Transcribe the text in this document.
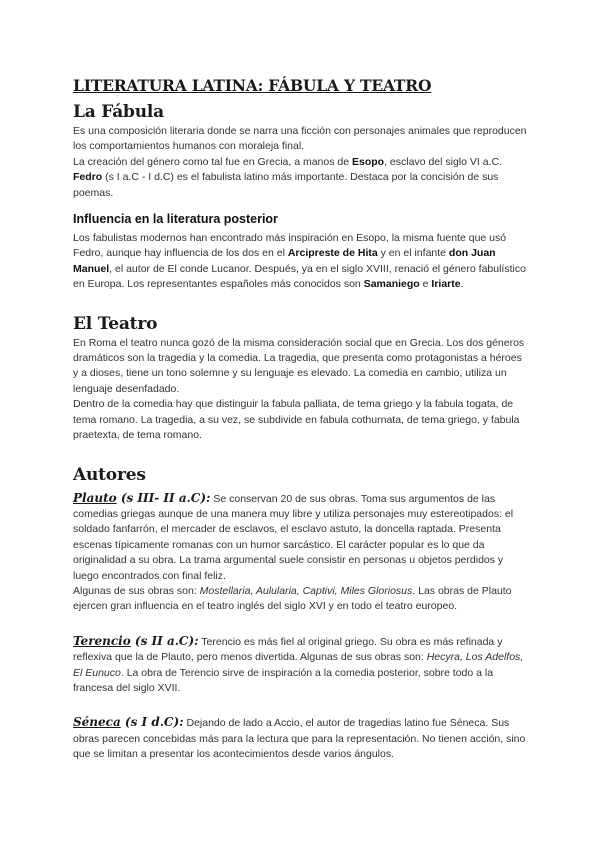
LITERATURA LATINA: FÁBULA Y TEATRO
La Fábula

Es una composición literaria donde se narra una ficción con personajes animales que reproducen los comportamientos humanos con moraleja final.

La creación del género como tal fue en Grecia, a manos de Esopo, esclavo del siglo VI a.C. Fedro (s I a.C - I d.C) es el fabulista latino más importante. Destaca por la concisión de sus poemas.

Influencia en la literatura posterior

Los fabulistas modernos han encontrado más inspiración en Esopo, la misma fuente que usó Fedro, aunque hay influencia de los dos en el Arcipreste de Hita y en el infante don Juan Manuel, el autor de El conde Lucanor. Después, ya en el siglo XVIII, renació el género fabulístico en Europa. Los representantes españoles más conocidos son Samaniego e Iriarte.

El Teatro

En Roma el teatro nunca gozó de la misma consideración social que en Grecia. Los dos géneros dramáticos son la tragedia y la comedia. La tragedia, que presenta como protagonistas a héroes y a dioses, tiene un tono solemne y su lenguaje es elevado. La comedia en cambio, utiliza un lenguaje desenfadado.

Dentro de la comedia hay que distinguir la fabula palliata, de tema griego y la fabula togata, de tema romano. La tragedia, a su vez, se subdivide en fabula cothurnata, de tema griego, y fabula praetexta, de tema romano.

Autores

Plauto (s III- II a.C): Se conservan 20 de sus obras. Toma sus argumentos de las comedias griegas aunque de una manera muy libre y utiliza personajes muy estereotipados: el soldado fanfarrón, el mercader de esclavos, el esclavo astuto, la doncella raptada. Presenta escenas típicamente romanas con un humor sarcástico. El carácter popular es lo que da originalidad a su obra. La trama argumental suele consistir en personas u objetos perdidos y luego encontrados con final feliz.

Algunas de sus obras son: Mostellaria, Aulularia, Captivi, Miles Gloriosus. Las obras de Plauto ejercen gran influencia en el teatro inglés del siglo XVI y en todo el teatro europeo.

Terencio (s II a.C): Terencio es más fiel al original griego. Su obra es más refinada y reflexiva que la de Plauto, pero menos divertida. Algunas de sus obras son: Hecyra, Los Adelfos, El Eunuco. La obra de Terencio sirve de inspiración a la comedia posterior, sobre todo a la francesa del siglo XVII.

Séneca (s I d.C): Dejando de lado a Accio, el autor de tragedias latino fue Séneca. Sus obras parecen concebidas más para la lectura que para la representación. No tienen acción, sino que se limitan a presentar los acontecimientos desde varios ángulos.
